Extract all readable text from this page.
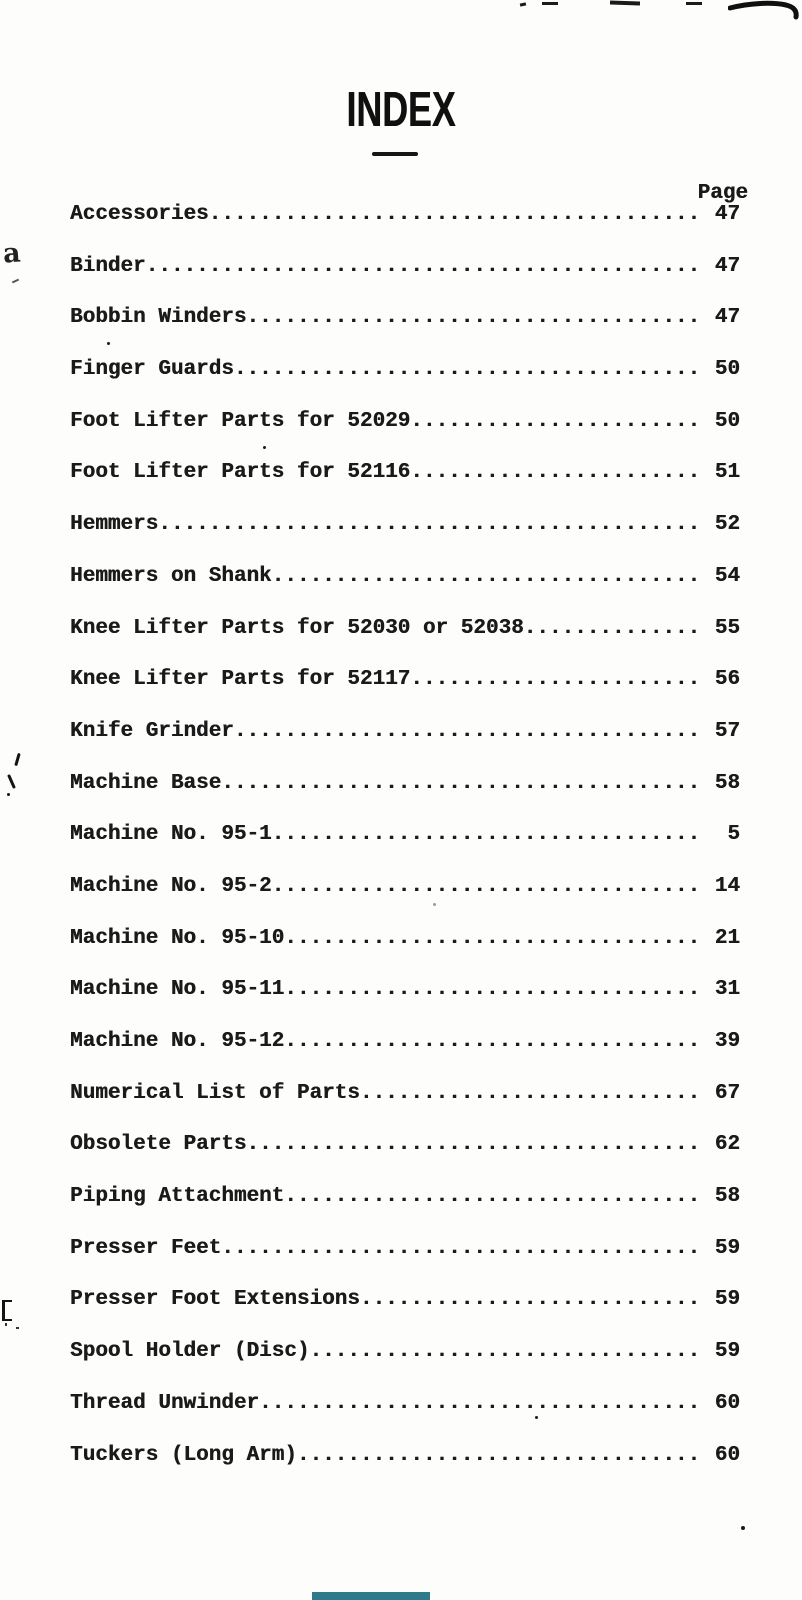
INDEX
Page
Accessories....................................... 47
Binder............................................ 47
Bobbin Winders.................................... 47
Finger Guards..................................... 50
Foot Lifter Parts for 52029....................... 50
Foot Lifter Parts for 52116....................... 51
Hemmers........................................... 52
Hemmers on Shank.................................. 54
Knee Lifter Parts for 52030 or 52038.............. 55
Knee Lifter Parts for 52117....................... 56
Knife Grinder..................................... 57
Machine Base...................................... 58
Machine No. 95-1..................................	5
Machine No. 95-2.................................. 14
Machine No. 95-10................................. 21
Machine No. 95-11................................. 31
Machine No. 95-12................................. 39
Numerical List of Parts........................... 67
Obsolete Parts.................................... 62
Piping Attachment................................. 58
Presser Feet...................................... 59
Presser Foot Extensions........................... 59
Spool Holder (Disc)............................... 59
Thread Unwinder................................... 60
Tuckers (Long Arm)................................ 60
a
